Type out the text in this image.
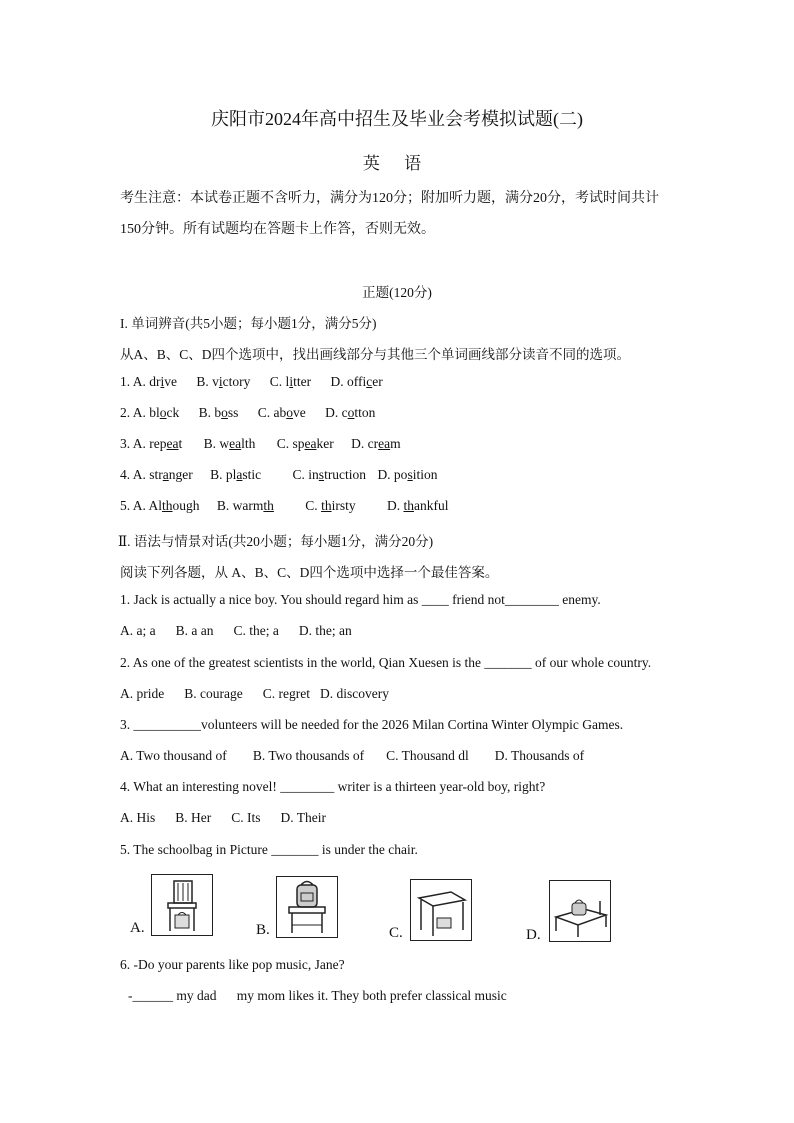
庆阳市2024年高中招生及毕业会考模拟试题(二)
英 语
考生注意：本试卷正题不含听力，满分为120分；附加听力题，满分20分，考试时间共计
150分钟。所有试题均在答题卡上作答，否则无效。
正题(120分)
I. 单词辨音(共5小题；每小题1分，满分5分)
从A、B、C、D四个选项中，找出画线部分与其他三个单词画线部分读音不同的选项。
1. A. drive B. victory C. litter D. officer
2. A. block B. boss C. above D. cotton
3. A. repeat B. wealth C. speaker D. cream
4. A. stranger B. plastic C. instruction D. position
5. A. Although B. warmth C. thirsty D. thankful
Ⅱ. 语法与情景对话(共20小题；每小题1分，满分20分)
阅读下列各题，从 A、B、C、D四个选项中选择一个最佳答案。
1. Jack is actually a nice boy. You should regard him as ____ friend not________ enemy.
A. a; a B. a an C. the; a D. the; an
2. As one of the greatest scientists in the world, Qian Xuesen is the _______ of our whole country.
A. pride B. courage C. regret D. discovery
3. __________volunteers will be needed for the 2026 Milan Cortina Winter Olympic Games.
A. Two thousand of B. Two thousands of C. Thousand dl D. Thousands of
4. What an interesting novel! ________ writer is a thirteen year-old boy, right?
A. His B. Her C. Its D. Their
5. The schoolbag in Picture _______ is under the chair.
A.	B.	C.	D.
6. -Do your parents like pop music, Jane?
-______ my dad      my mom likes it. They both prefer classical music
